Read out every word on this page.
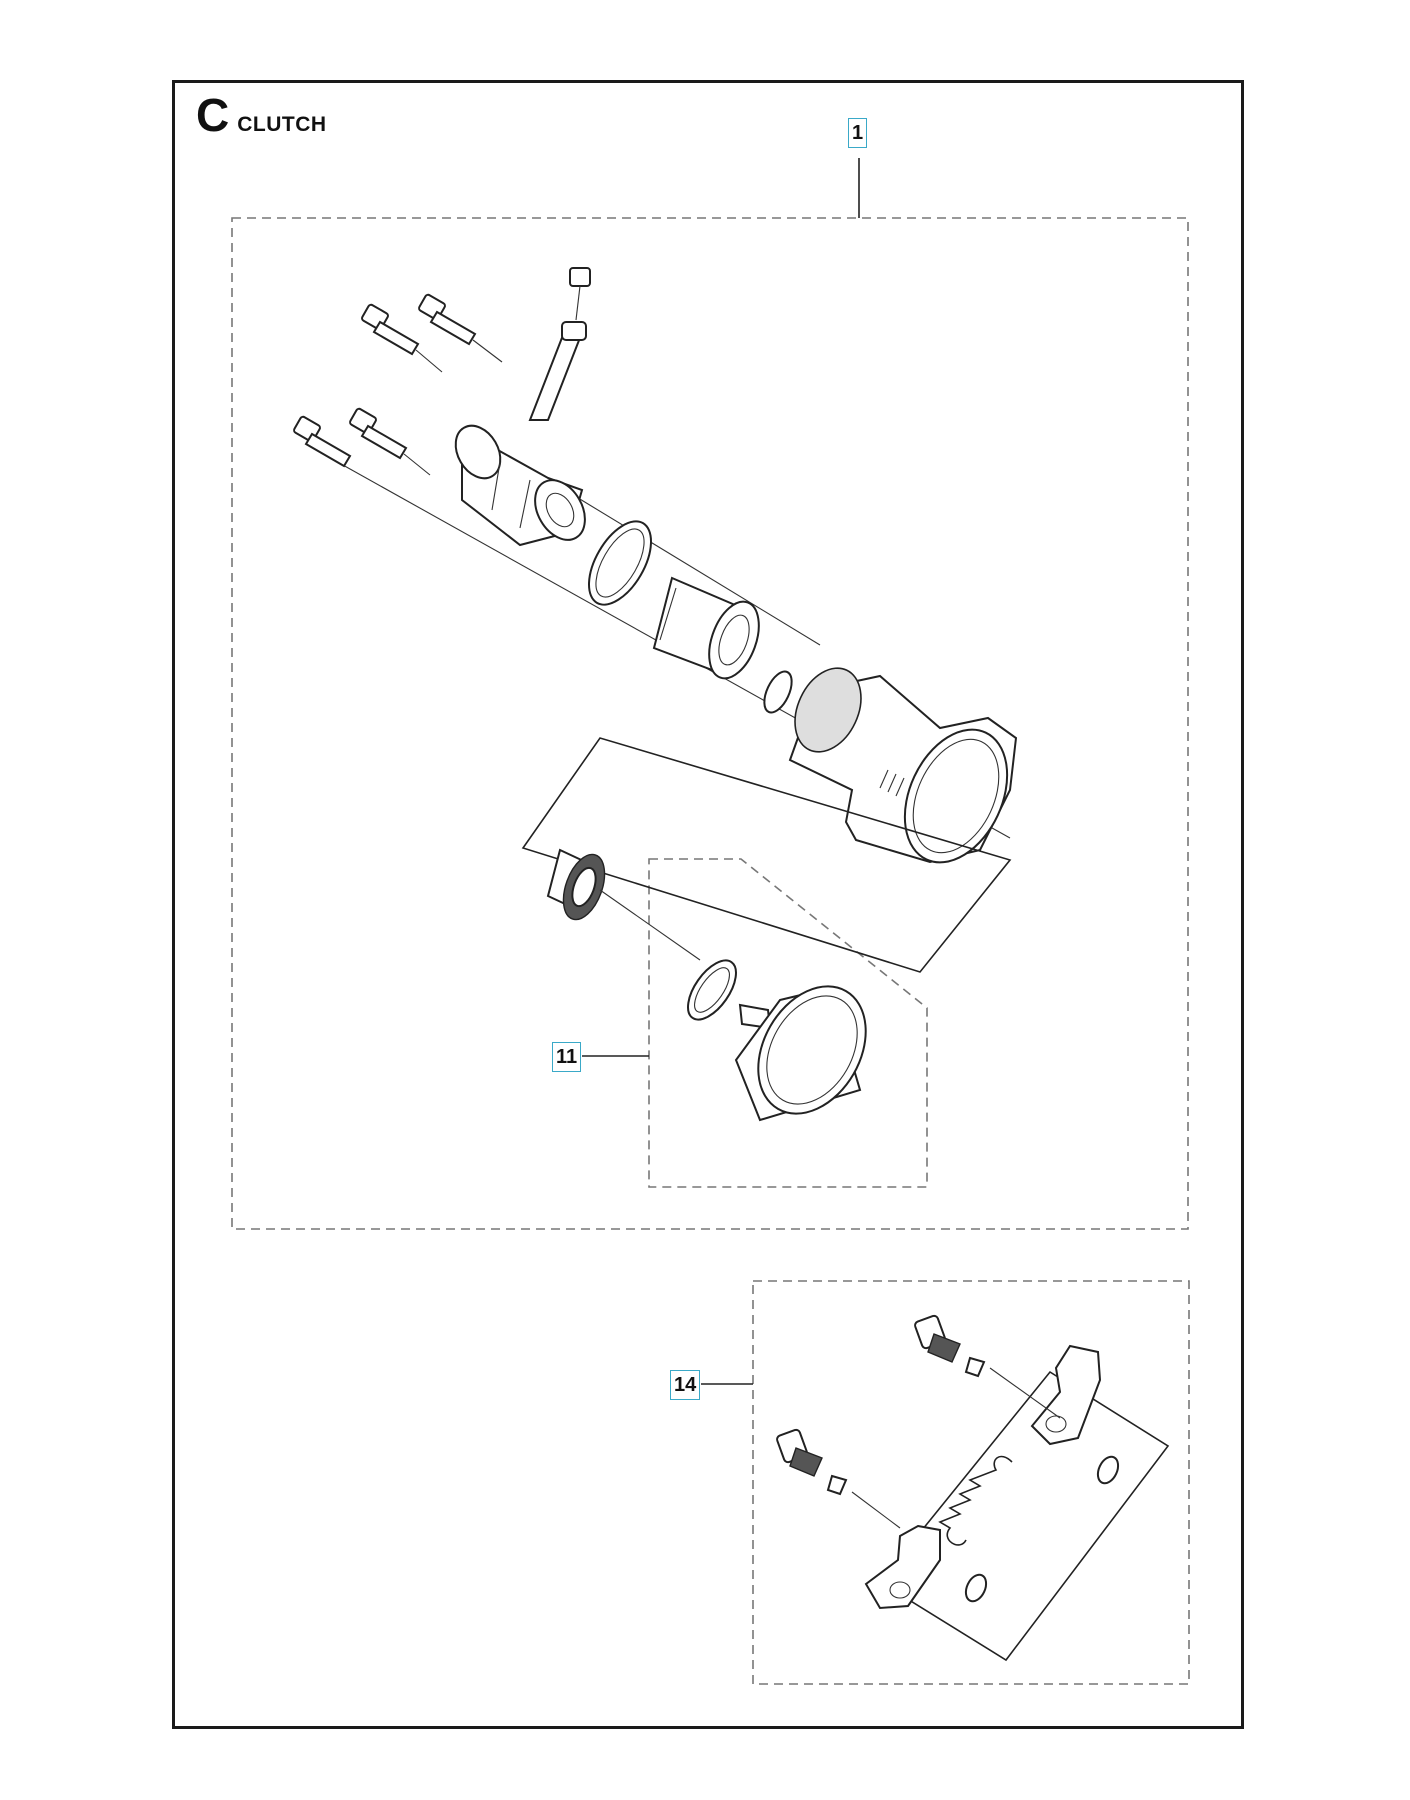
CCLUTCH	1
11
14
